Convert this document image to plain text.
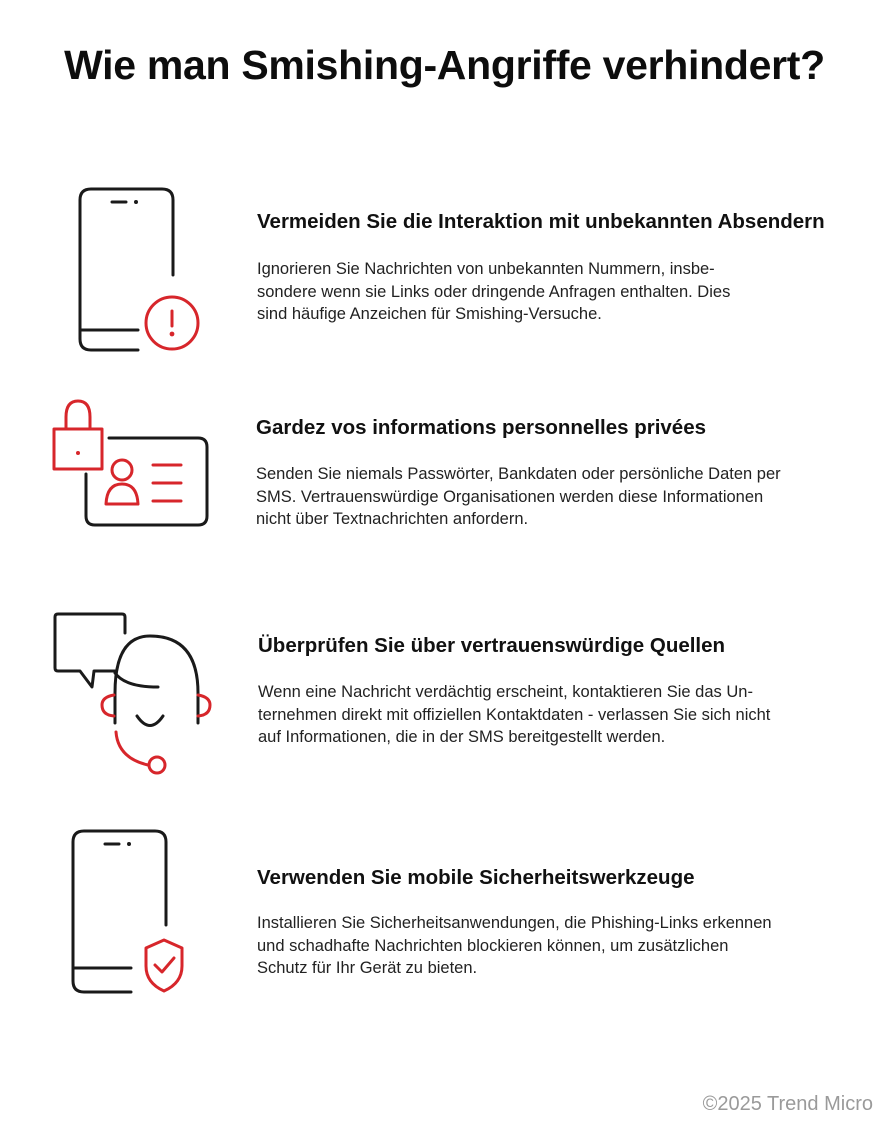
Wie man Smishing-Angriffe verhindert?
Vermeiden Sie die Interaktion mit unbekannten Absendern
Ignorieren Sie Nachrichten von unbekannten Nummern, insbe-
sondere wenn sie Links oder dringende Anfragen enthalten. Dies
sind häufige Anzeichen für Smishing-Versuche.
Gardez vos informations personnelles privées
Senden Sie niemals Passwörter, Bankdaten oder persönliche Daten per
SMS. Vertrauenswürdige Organisationen werden diese Informationen
nicht über Textnachrichten anfordern.
Überprüfen Sie über vertrauenswürdige Quellen
Wenn eine Nachricht verdächtig erscheint, kontaktieren Sie das Un-
ternehmen direkt mit offiziellen Kontaktdaten - verlassen Sie sich nicht
auf Informationen, die in der SMS bereitgestellt werden.
Verwenden Sie mobile Sicherheitswerkzeuge
Installieren Sie Sicherheitsanwendungen, die Phishing-Links erkennen
und schadhafte Nachrichten blockieren können, um zusätzlichen
Schutz für Ihr Gerät zu bieten.
©2025 Trend Micro
